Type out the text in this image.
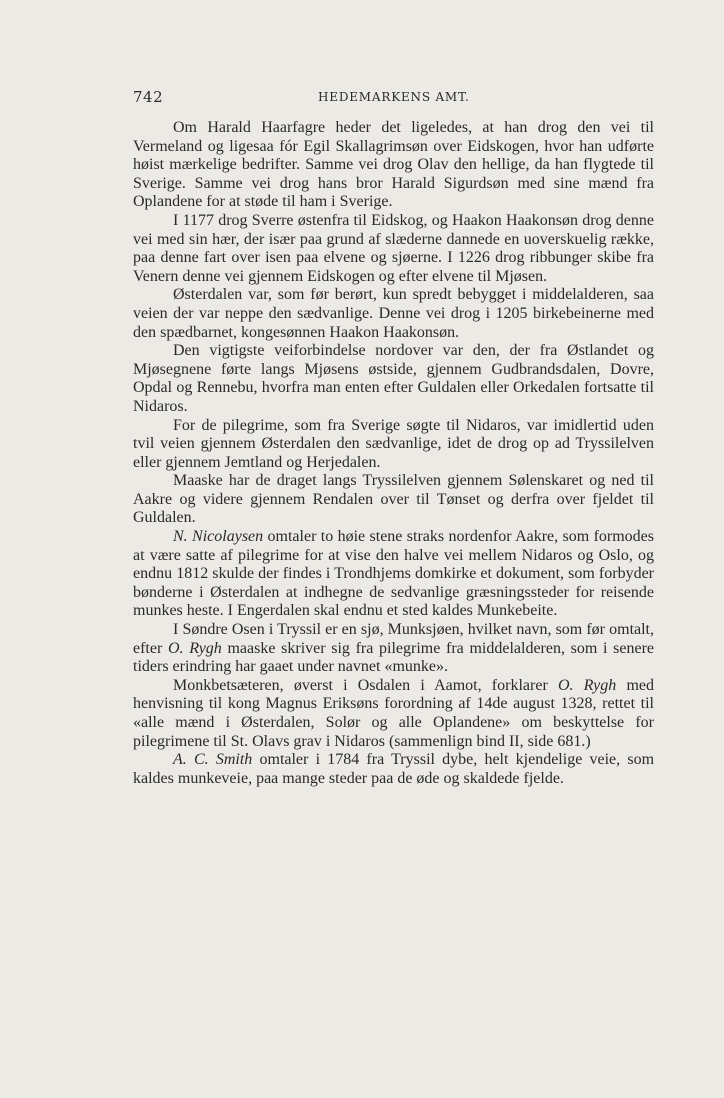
742	HEDEMARKENS AMT.

Om Harald Haarfagre heder det ligeledes, at han drog den vei til Vermeland og ligesaa fór Egil Skallagrimsøn over Eidskogen, hvor han udførte høist mærkelige bedrifter. Samme vei drog Olav den hellige, da han flygtede til Sverige. Samme vei drog hans bror Harald Sigurdsøn med sine mænd fra Oplandene for at støde til ham i Sverige.

I 1177 drog Sverre østenfra til Eidskog, og Haakon Haakonsøn drog denne vei med sin hær, der især paa grund af slæderne dannede en uoverskuelig række, paa denne fart over isen paa elvene og sjøerne. I 1226 drog ribbunger skibe fra Venern denne vei gjennem Eidskogen og efter elvene til Mjøsen.

Østerdalen var, som før berørt, kun spredt bebygget i middelalderen, saa veien der var neppe den sædvanlige. Denne vei drog i 1205 birkebeinerne med den spædbarnet, kongesønnen Haakon Haakonsøn.

Den vigtigste veiforbindelse nordover var den, der fra Østlandet og Mjøsegnene førte langs Mjøsens østside, gjennem Gudbrandsdalen, Dovre, Opdal og Rennebu, hvorfra man enten efter Guldalen eller Orkedalen fortsatte til Nidaros.

For de pilegrime, som fra Sverige søgte til Nidaros, var imidlertid uden tvil veien gjennem Østerdalen den sædvanlige, idet de drog op ad Tryssilelven eller gjennem Jemtland og Herjedalen.

Maaske har de draget langs Tryssilelven gjennem Sølenskaret og ned til Aakre og videre gjennem Rendalen over til Tønset og derfra over fjeldet til Guldalen.

N. Nicolaysen omtaler to høie stene straks nordenfor Aakre, som formodes at være satte af pilegrime for at vise den halve vei mellem Nidaros og Oslo, og endnu 1812 skulde der findes i Trondhjems domkirke et dokument, som forbyder bønderne i Østerdalen at indhegne de sedvanlige græsningssteder for reisende munkes heste. I Engerdalen skal endnu et sted kaldes Munkebeite.

I Søndre Osen i Tryssil er en sjø, Munksjøen, hvilket navn, som før omtalt, efter O. Rygh maaske skriver sig fra pilegrime fra middelalderen, som i senere tiders erindring har gaaet under navnet «munke».

Monkbetsæteren, øverst i Osdalen i Aamot, forklarer O. Rygh med henvisning til kong Magnus Eriksøns forordning af 14de august 1328, rettet til «alle mænd i Østerdalen, Solør og alle Oplandene» om beskyttelse for pilegrimene til St. Olavs grav i Nidaros (sammenlign bind II, side 681.)

A. C. Smith omtaler i 1784 fra Tryssil dybe, helt kjendelige veie, som kaldes munkeveie, paa mange steder paa de øde og skaldede fjelde.
